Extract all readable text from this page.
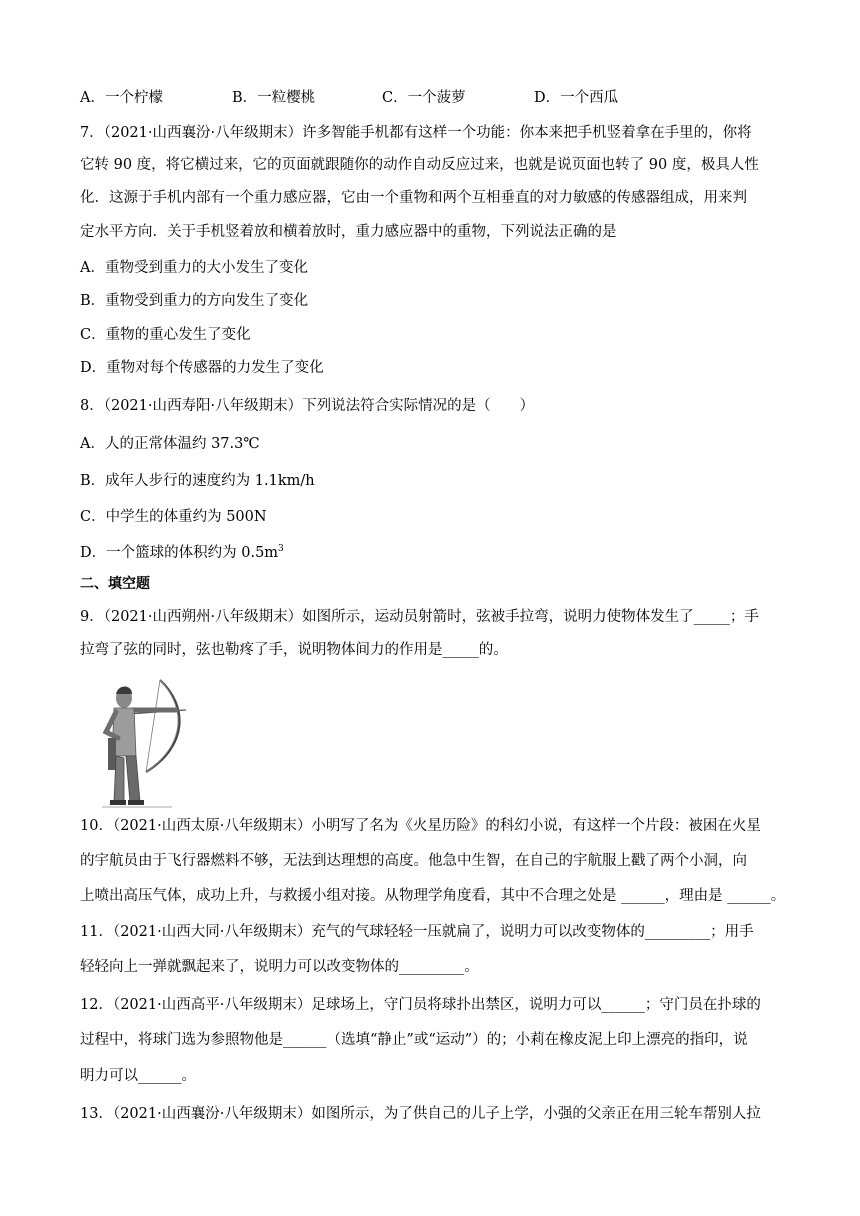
A．一个柠檬	B．一粒樱桃	C．一个菠萝	D．一个西瓜
7．（2021·山西襄汾·八年级期末）许多智能手机都有这样一个功能：你本来把手机竖着拿在手里的，你将
它转 90 度，将它横过来，它的页面就跟随你的动作自动反应过来，也就是说页面也转了 90 度，极具人性
化．这源于手机内部有一个重力感应器，它由一个重物和两个互相垂直的对力敏感的传感器组成，用来判
定水平方向．关于手机竖着放和横着放时，重力感应器中的重物，下列说法正确的是
A．重物受到重力的大小发生了变化
B．重物受到重力的方向发生了变化
C．重物的重心发生了变化
D．重物对每个传感器的力发生了变化
8．（2021·山西寿阳·八年级期末）下列说法符合实际情况的是（　　）
A．人的正常体温约 37.3℃
B．成年人步行的速度约为 1.1km/h
C．中学生的体重约为 500N
D．一个篮球的体积约为 $0.5m^3$
二、填空题
9．（2021·山西朔州·八年级期末）如图所示，运动员射箭时，弦被手拉弯，说明力使物体发生了_____；手
拉弯了弦的同时，弦也勒疼了手，说明物体间力的作用是_____的。
10．（2021·山西太原·八年级期末）小明写了名为《火星历险》的科幻小说，有这样一个片段：被困在火星
的宇航员由于飞行器燃料不够，无法到达理想的高度。他急中生智，在自己的宇航服上戳了两个小洞，向
上喷出高压气体，成功上升，与救援小组对接。从物理学角度看，其中不合理之处是 ______，理由是 ______。
11．（2021·山西大同·八年级期末）充气的气球轻轻一压就扁了，说明力可以改变物体的_________；用手
轻轻向上一弹就飘起来了，说明力可以改变物体的_________。
12．（2021·山西高平·八年级期末）足球场上，守门员将球扑出禁区，说明力可以______；守门员在扑球的
过程中，将球门选为参照物他是______（选填“静止”或“运动”）的；小莉在橡皮泥上印上漂亮的指印，说
明力可以______。
13．（2021·山西襄汾·八年级期末）如图所示，为了供自己的儿子上学，小强的父亲正在用三轮车帮别人拉
